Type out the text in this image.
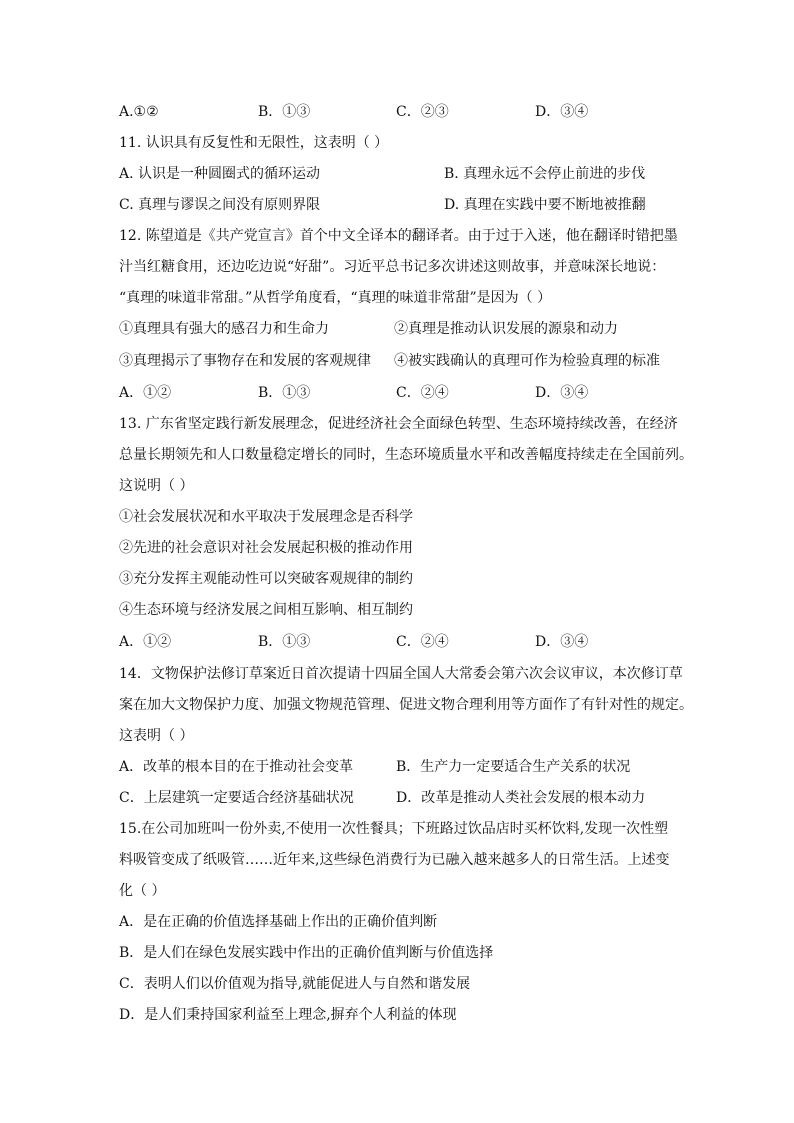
A.①②	B．①③	C．②③	D．③④
11. 认识具有反复性和无限性，这表明（ ）
A. 认识是一种圆圈式的循环运动	B. 真理永远不会停止前进的步伐
C. 真理与谬误之间没有原则界限	D. 真理在实践中要不断地被推翻
12. 陈望道是《共产党宣言》首个中文全译本的翻译者。由于过于入迷，他在翻译时错把墨
汁当红糖食用，还边吃边说“好甜”。习近平总书记多次讲述这则故事，并意味深长地说：
“真理的味道非常甜。”从哲学角度看，“真理的味道非常甜”是因为（ ）
①真理具有强大的感召力和生命力	②真理是推动认识发展的源泉和动力
③真理揭示了事物存在和发展的客观规律 ④被实践确认的真理可作为检验真理的标准
A．①②	B．①③	C．②④	D．③④
13. 广东省坚定践行新发展理念，促进经济社会全面绿色转型、生态环境持续改善，在经济
总量长期领先和人口数量稳定增长的同时，生态环境质量水平和改善幅度持续走在全国前列。
这说明（ ）
①社会发展状况和水平取决于发展理念是否科学
②先进的社会意识对社会发展起积极的推动作用
③充分发挥主观能动性可以突破客观规律的制约
④生态环境与经济发展之间相互影响、相互制约
A．①②	B．①③	C．②④	D．③④
14．文物保护法修订草案近日首次提请十四届全国人大常委会第六次会议审议，本次修订草
案在加大文物保护力度、加强文物规范管理、促进文物合理利用等方面作了有针对性的规定。
这表明（ ）
A．改革的根本目的在于推动社会变革	B．生产力一定要适合生产关系的状况
C．上层建筑一定要适合经济基础状况	D．改革是推动人类社会发展的根本动力
15.在公司加班叫一份外卖,不使用一次性餐具；下班路过饮品店时买杯饮料,发现一次性塑
料吸管变成了纸吸管……近年来,这些绿色消费行为已融入越来越多人的日常生活。上述变
化（ ）
A．是在正确的价值选择基础上作出的正确价值判断
B．是人们在绿色发展实践中作出的正确价值判断与价值选择
C．表明人们以价值观为指导,就能促进人与自然和谐发展
D．是人们秉持国家利益至上理念,摒弃个人利益的体现
